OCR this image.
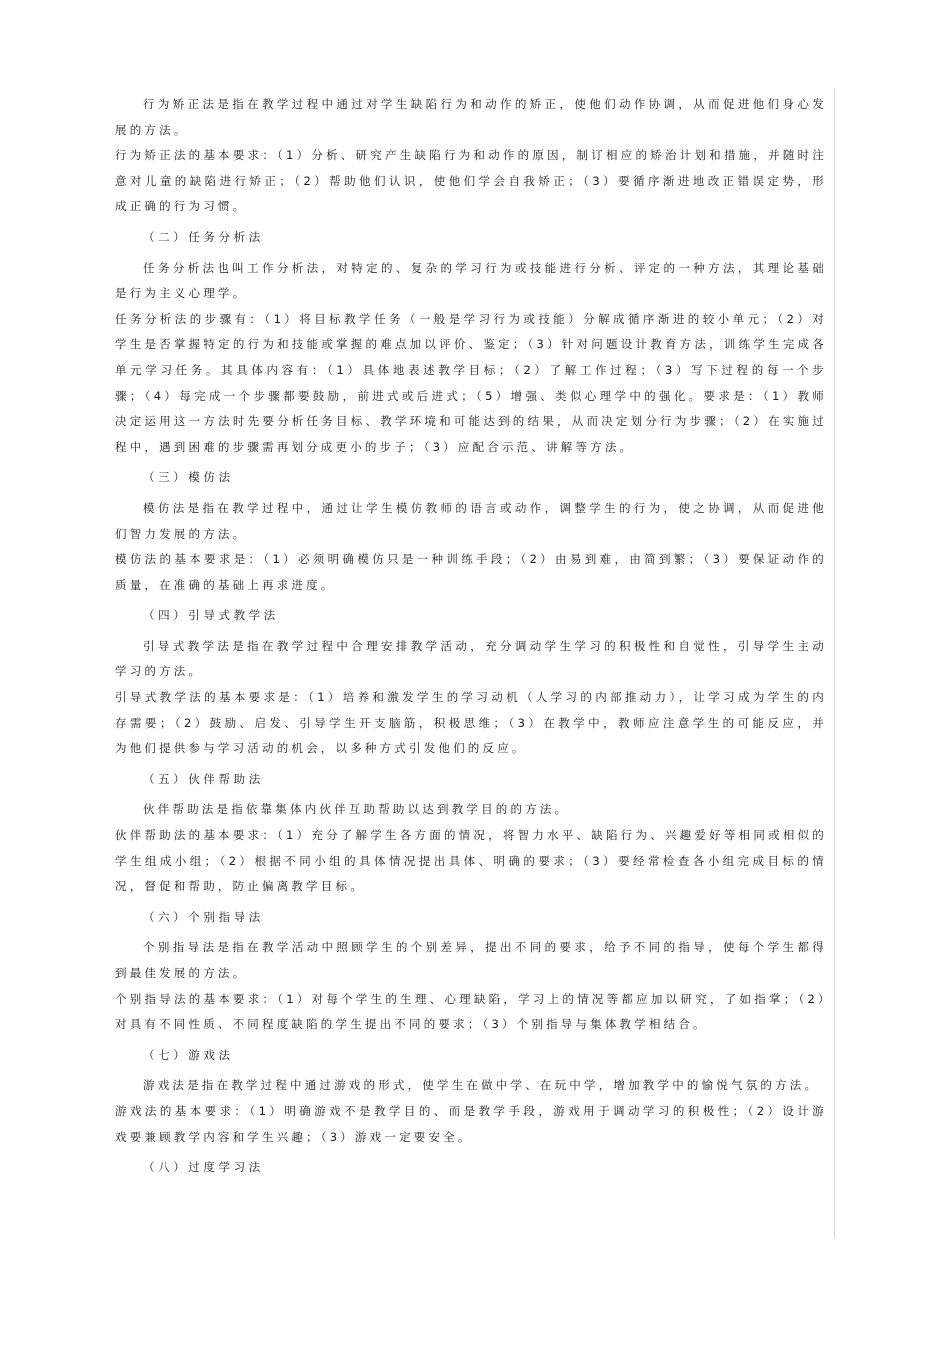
行为矫正法是指在教学过程中通过对学生缺陷行为和动作的矫正，使他们动作协调，从而促进他们身心发展的方法。

行为矫正法的基本要求：（1）分析、研究产生缺陷行为和动作的原因，制订相应的矫治计划和措施，并随时注意对儿童的缺陷进行矫正；（2）帮助他们认识，使他们学会自我矫正；（3）要循序渐进地改正错误定势，形成正确的行为习惯。

（二）任务分析法

任务分析法也叫工作分析法，对特定的、复杂的学习行为或技能进行分析、评定的一种方法，其理论基础是行为主义心理学。

任务分析法的步骤有：（1）将目标教学任务（一般是学习行为或技能）分解成循序渐进的较小单元；（2）对学生是否掌握特定的行为和技能或掌握的难点加以评价、鉴定；（3）针对问题设计教育方法，训练学生完成各单元学习任务。其具体内容有：（1）具体地表述教学目标；（2）了解工作过程；（3）写下过程的每一个步骤；（4）每完成一个步骤都要鼓励，前进式或后进式；（5）增强、类似心理学中的强化。要求是：（1）教师决定运用这一方法时先要分析任务目标、教学环境和可能达到的结果，从而决定划分行为步骤；（2）在实施过程中，遇到困难的步骤需再划分成更小的步子；（3）应配合示范、讲解等方法。

（三）模仿法

模仿法是指在教学过程中，通过让学生模仿教师的语言或动作，调整学生的行为，使之协调，从而促进他们智力发展的方法。

模仿法的基本要求是：（1）必须明确模仿只是一种训练手段；（2）由易到难，由简到繁；（3）要保证动作的质量，在准确的基础上再求进度。

（四）引导式教学法

引导式教学法是指在教学过程中合理安排教学活动，充分调动学生学习的积极性和自觉性，引导学生主动学习的方法。

引导式教学法的基本要求是：（1）培养和激发学生的学习动机（人学习的内部推动力），让学习成为学生的内存需要；（2）鼓励、启发、引导学生开支脑筋，积极思维；（3）在教学中，教师应注意学生的可能反应，并为他们提供参与学习活动的机会，以多种方式引发他们的反应。

（五）伙伴帮助法

伙伴帮助法是指依靠集体内伙伴互助帮助以达到教学目的的方法。

伙伴帮助法的基本要求：（1）充分了解学生各方面的情况，将智力水平、缺陷行为、兴趣爱好等相同或相似的学生组成小组；（2）根据不同小组的具体情况提出具体、明确的要求；（3）要经常检查各小组完成目标的情况，督促和帮助，防止偏离教学目标。

（六）个别指导法

个别指导法是指在教学活动中照顾学生的个别差异，提出不同的要求，给予不同的指导，使每个学生都得到最佳发展的方法。

个别指导法的基本要求：（1）对每个学生的生理、心理缺陷，学习上的情况等都应加以研究，了如指掌；（2）对具有不同性质、不同程度缺陷的学生提出不同的要求；（3）个别指导与集体教学相结合。

（七）游戏法

游戏法是指在教学过程中通过游戏的形式，使学生在做中学、在玩中学，增加教学中的愉悦气氛的方法。

游戏法的基本要求：（1）明确游戏不是教学目的、而是教学手段，游戏用于调动学习的积极性；（2）设计游戏要兼顾教学内容和学生兴趣；（3）游戏一定要安全。

（八）过度学习法
